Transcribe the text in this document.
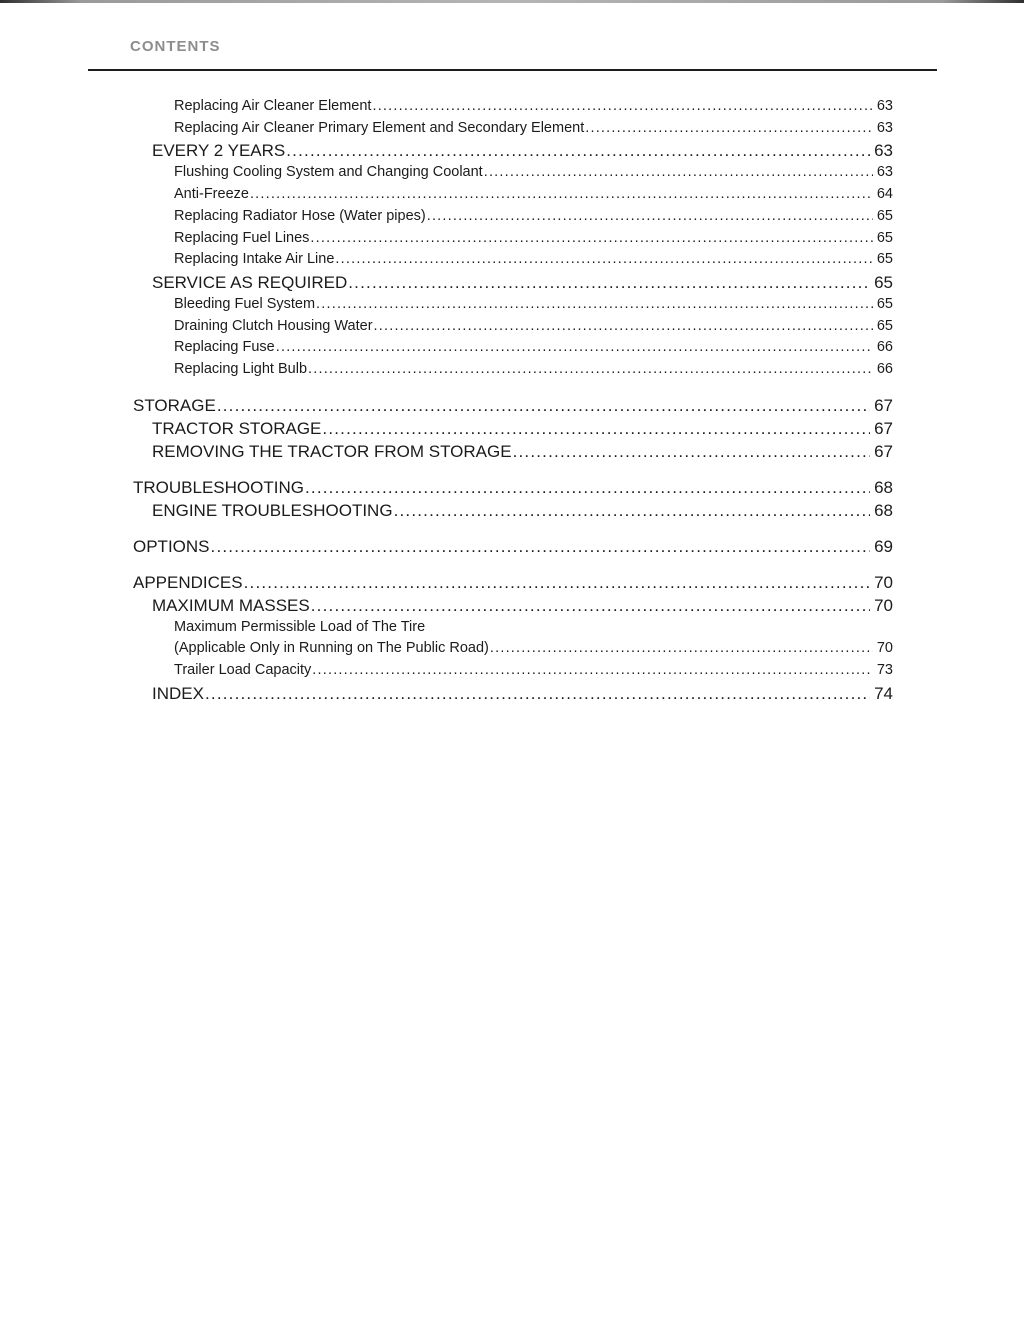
CONTENTS
Replacing Air Cleaner Element .....	63
Replacing Air Cleaner Primary Element and Secondary Element .....	63
EVERY 2 YEARS .....	63
Flushing Cooling System and Changing Coolant .....	63
Anti-Freeze .....	64
Replacing Radiator Hose (Water pipes) .....	65
Replacing Fuel Lines .....	65
Replacing Intake Air Line .....	65
SERVICE AS REQUIRED .....	65
Bleeding Fuel System .....	65
Draining Clutch Housing Water .....	65
Replacing Fuse .....	66
Replacing Light Bulb .....	66
STORAGE .....	67
TRACTOR STORAGE .....	67
REMOVING THE TRACTOR FROM STORAGE .....	67
TROUBLESHOOTING .....	68
ENGINE TROUBLESHOOTING .....	68
OPTIONS .....	69
APPENDICES .....	70
MAXIMUM MASSES .....	70
Maximum Permissible Load of The Tire
(Applicable Only in Running on The Public Road) .....	70
Trailer Load Capacity .....	73
INDEX .....	74
